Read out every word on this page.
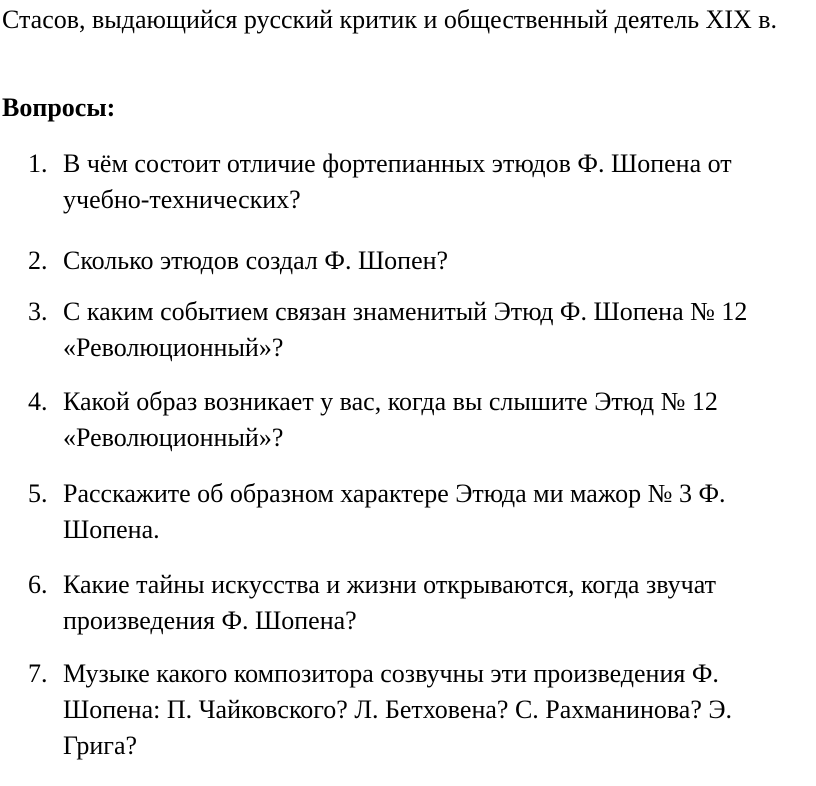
Стасов, выдающийся русский критик и общественный деятель XIX в.

Вопросы:
1. В чём состоит отличие фортепианных этюдов Ф. Шопена от учебно-технических?
2. Сколько этюдов создал Ф. Шопен?
3. С каким событием связан знаменитый Этюд Ф. Шопена № 12 «Революционный»?
4. Какой образ возникает у вас, когда вы слышите Этюд № 12 «Революционный»?
5. Расскажите об образном характере Этюда ми мажор № 3 Ф. Шопена.
6. Какие тайны искусства и жизни открываются, когда звучат произведения Ф. Шопена?
7. Музыке какого композитора созвучны эти произведения Ф. Шопена: П. Чайковского? Л. Бетховена? С. Рахманинова? Э. Грига?
